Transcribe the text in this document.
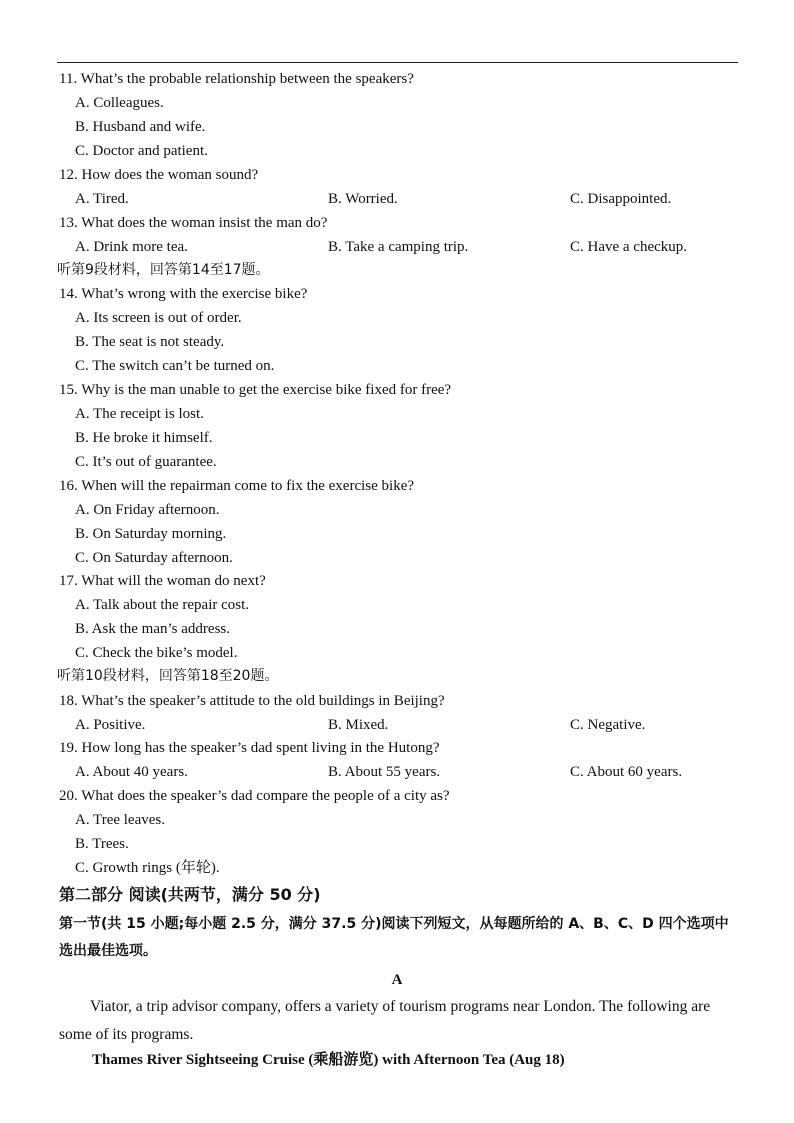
11. What’s the probable relationship between the speakers?
A. Colleagues.
B. Husband and wife.
C. Doctor and patient.
12. How does the woman sound?
A. Tired.	B. Worried.	C. Disappointed.
13. What does the woman insist the man do?
A. Drink more tea.	B. Take a camping trip.	C. Have a checkup.
听第9段材料，回答第14至17题。
14. What’s wrong with the exercise bike?
A. Its screen is out of order.
B. The seat is not steady.
C. The switch can’t be turned on.
15. Why is the man unable to get the exercise bike fixed for free?
A. The receipt is lost.
B. He broke it himself.
C. It’s out of guarantee.
16. When will the repairman come to fix the exercise bike?
A. On Friday afternoon.
B. On Saturday morning.
C. On Saturday afternoon.
17. What will the woman do next?
A. Talk about the repair cost.
B. Ask the man’s address.
C. Check the bike’s model.
听第10段材料，回答第18至20题。
18. What’s the speaker’s attitude to the old buildings in Beijing?
A. Positive.	B. Mixed.	C. Negative.
19. How long has the speaker’s dad spent living in the Hutong?
A. About 40 years.	B. About 55 years.	C. About 60 years.
20. What does the speaker’s dad compare the people of a city as?
A. Tree leaves.
B. Trees.
C. Growth rings (年轮).
第二部分 阅读(共两节，满分 50 分)
第一节(共 15 小题;每小题 2.5 分，满分 37.5 分)阅读下列短文，从每题所给的 A、B、C、D 四个选项中选出最佳选项。
A
Viator, a trip advisor company, offers a variety of tourism programs near London. The following are some of its programs.
Thames River Sightseeing Cruise (乘船游览) with Afternoon Tea (Aug 18)
